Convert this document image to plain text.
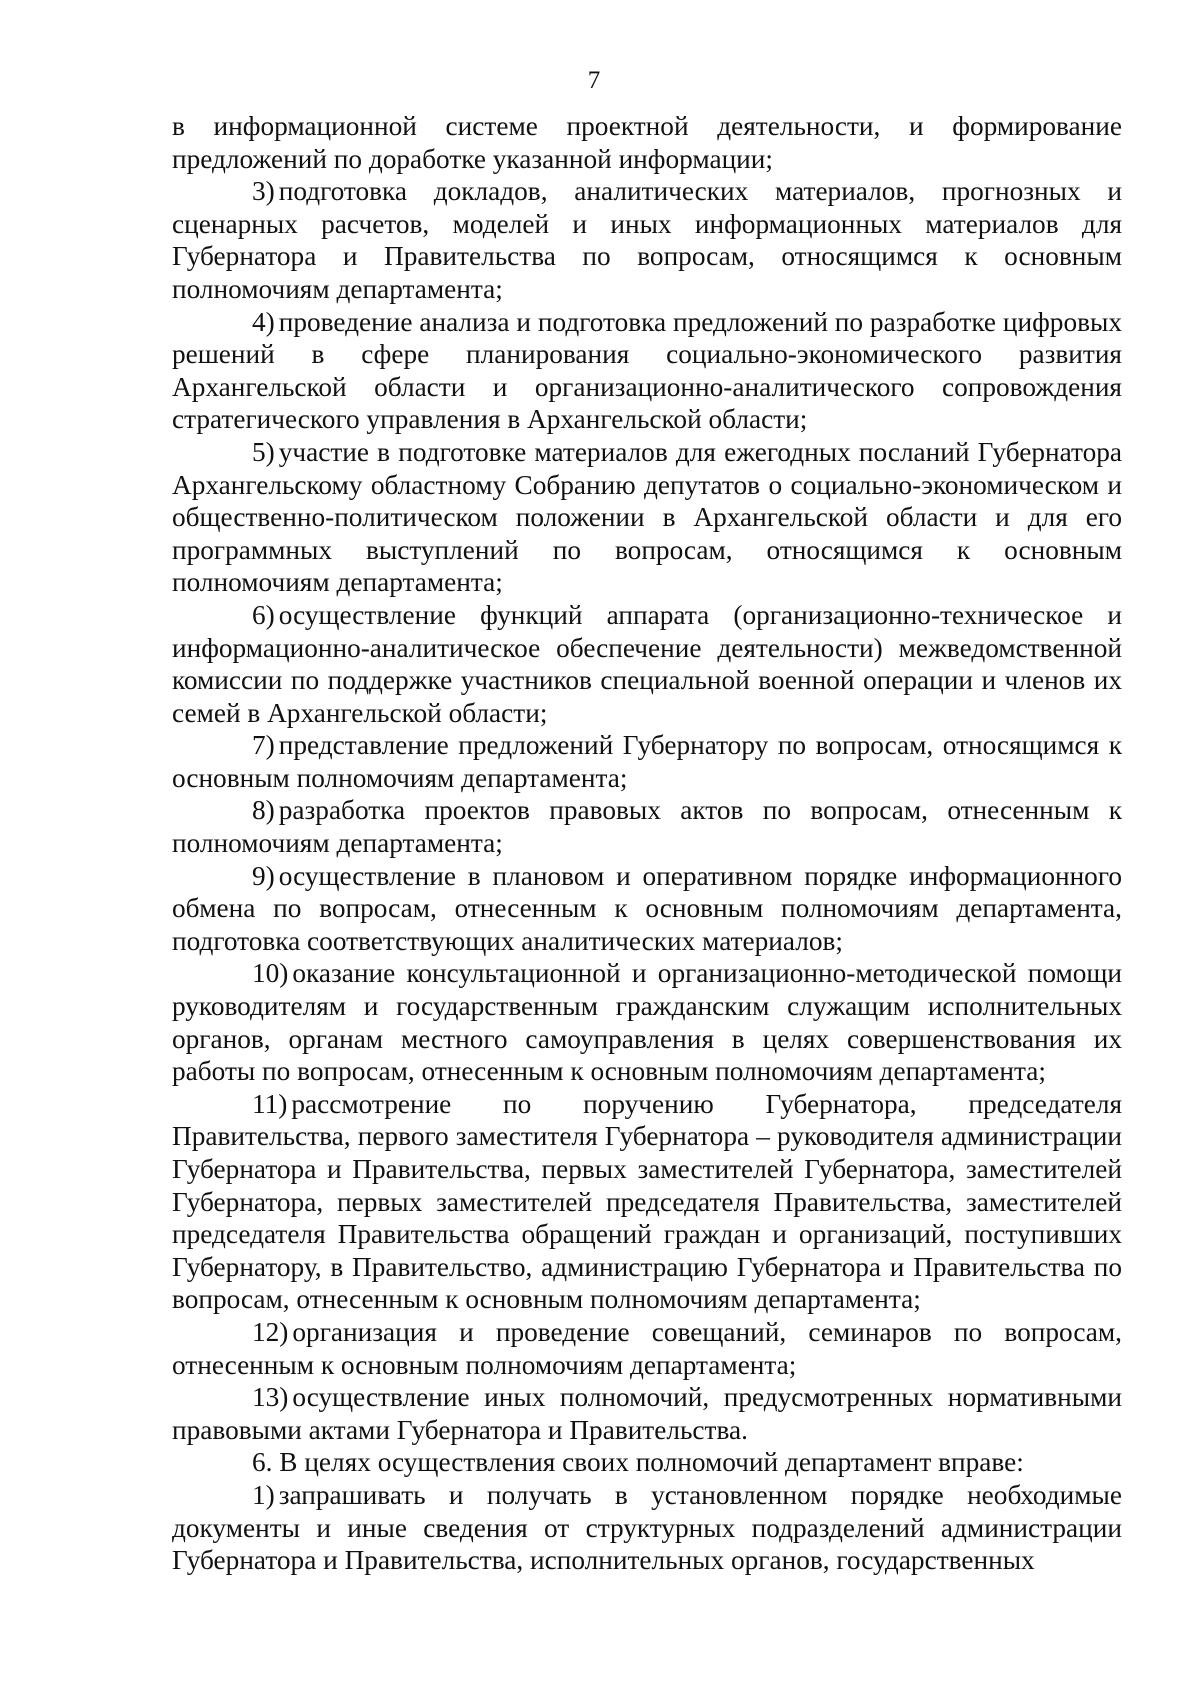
7

в информационной системе проектной деятельности, и формирование предложений по доработке указанной информации;

3) подготовка докладов, аналитических материалов, прогнозных и сценарных расчетов, моделей и иных информационных материалов для Губернатора и Правительства по вопросам, относящимся к основным полномочиям департамента;

4) проведение анализа и подготовка предложений по разработке цифровых решений в сфере планирования социально-экономического развития Архангельской области и организационно-аналитического сопровождения стратегического управления в Архангельской области;

5) участие в подготовке материалов для ежегодных посланий Губернатора Архангельскому областному Собранию депутатов о социально-экономическом и общественно-политическом положении в Архангельской области и для его программных выступлений по вопросам, относящимся к основным полномочиям департамента;

6) осуществление функций аппарата (организационно-техническое и информационно-аналитическое обеспечение деятельности) межведомственной комиссии по поддержке участников специальной военной операции и членов их семей в Архангельской области;

7) представление предложений Губернатору по вопросам, относящимся к основным полномочиям департамента;

8) разработка проектов правовых актов по вопросам, отнесенным к полномочиям департамента;

9) осуществление в плановом и оперативном порядке информационного обмена по вопросам, отнесенным к основным полномочиям департамента, подготовка соответствующих аналитических материалов;

10) оказание консультационной и организационно-методической помощи руководителям и государственным гражданским служащим исполнительных органов, органам местного самоуправления в целях совершенствования их работы по вопросам, отнесенным к основным полномочиям департамента;

11) рассмотрение по поручению Губернатора, председателя Правительства, первого заместителя Губернатора – руководителя администрации Губернатора и Правительства, первых заместителей Губернатора, заместителей Губернатора, первых заместителей председателя Правительства, заместителей председателя Правительства обращений граждан и организаций, поступивших Губернатору, в Правительство, администрацию Губернатора и Правительства по вопросам, отнесенным к основным полномочиям департамента;

12) организация и проведение совещаний, семинаров по вопросам, отнесенным к основным полномочиям департамента;

13) осуществление иных полномочий, предусмотренных нормативными правовыми актами Губернатора и Правительства.

6. В целях осуществления своих полномочий департамент вправе:

1) запрашивать и получать в установленном порядке необходимые документы и иные сведения от структурных подразделений администрации Губернатора и Правительства, исполнительных органов, государственных
